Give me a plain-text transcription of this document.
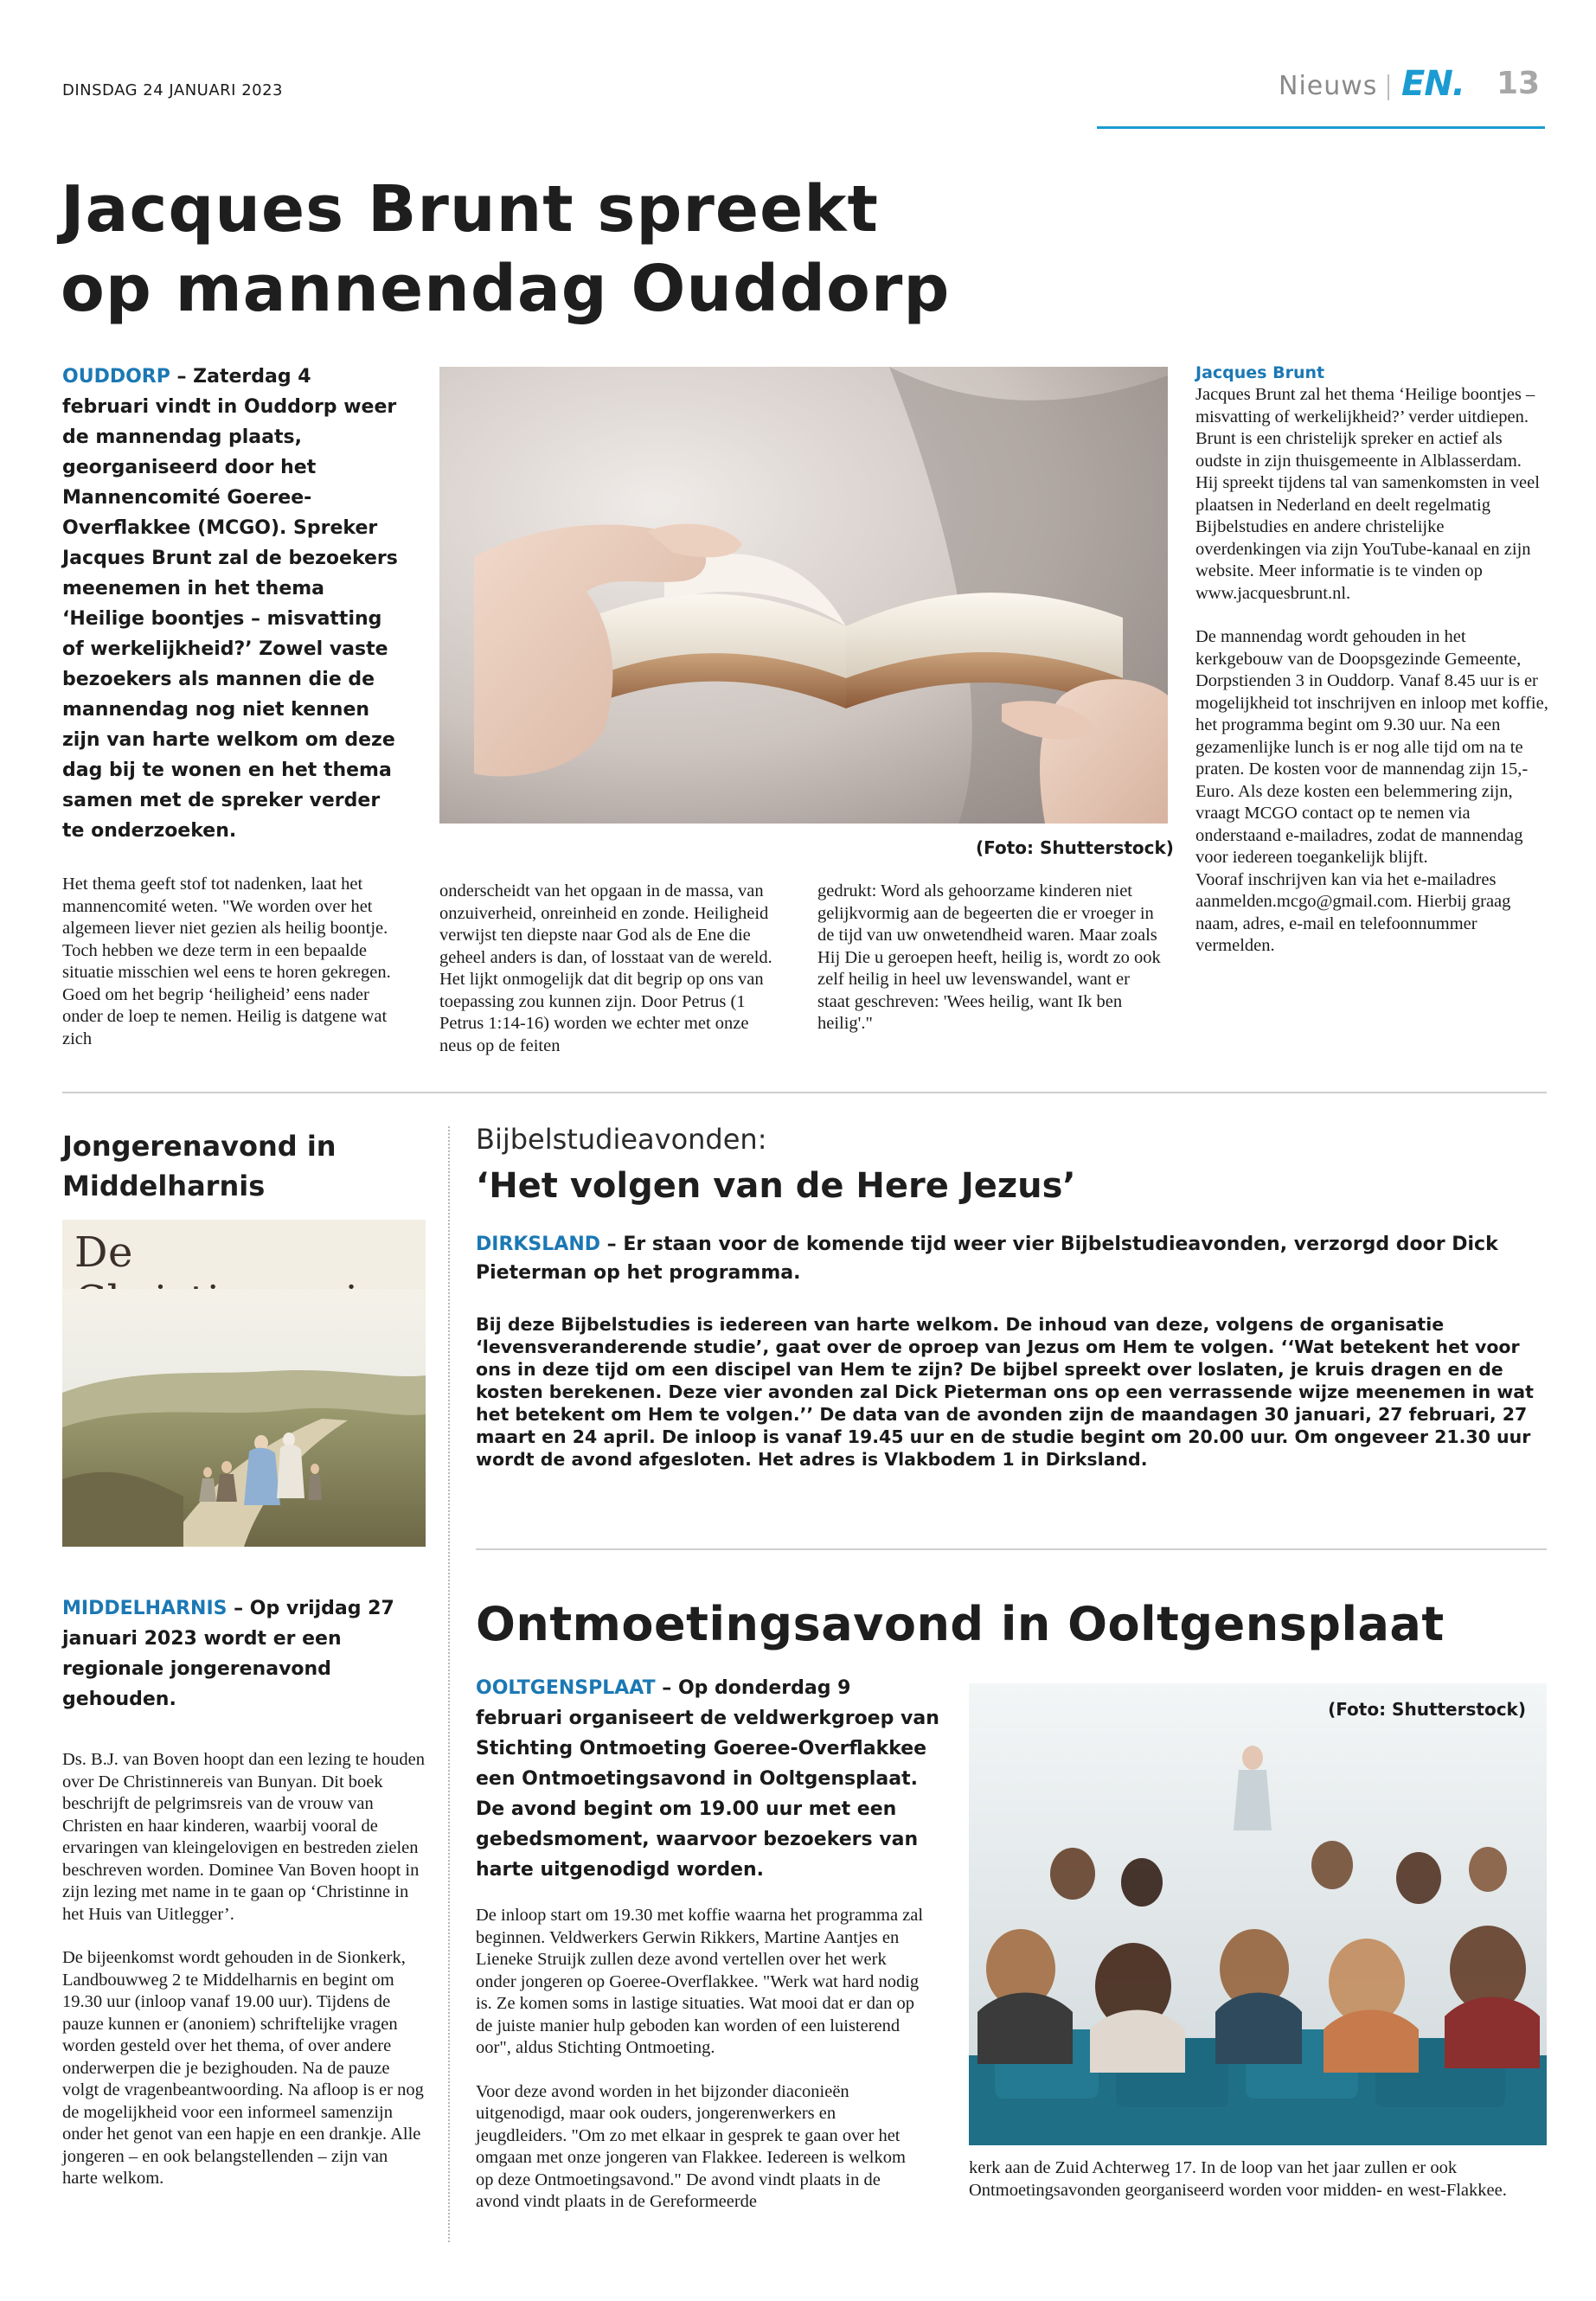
DINSDAG 24 JANUARI 2023	Nieuws EN. 13
Jacques Brunt spreekt
op mannendag Ouddorp
OUDDORP – Zaterdag 4 februari vindt in Ouddorp weer de mannendag plaats, georganiseerd door het Mannencomité Goeree-Overflakkee (MCGO). Spreker Jacques Brunt zal de bezoekers meenemen in het thema ‘Heilige boontjes – misvatting of werkelijkheid?’ Zowel vaste bezoekers als mannen die de mannendag nog niet kennen zijn van harte welkom om deze dag bij te wonen en het thema samen met de spreker verder te onderzoeken.
(Foto: Shutterstock)
Het thema geeft stof tot nadenken, laat het mannencomité weten. "We worden over het algemeen liever niet gezien als heilig boontje. Toch hebben we deze term in een bepaalde situatie misschien wel eens te horen gekregen. Goed om het begrip ‘heiligheid’ eens nader onder de loep te nemen. Heilig is datgene wat zich
onderscheidt van het opgaan in de massa, van onzuiverheid, onreinheid en zonde. Heiligheid verwijst ten diepste naar God als de Ene die geheel anders is dan, of losstaat van de wereld. Het lijkt onmogelijk dat dit begrip op ons van toepassing zou kunnen zijn. Door Petrus (1 Petrus 1:14-16) worden we echter met onze neus op de feiten
gedrukt: Word als gehoorzame kinderen niet gelijkvormig aan de begeerten die er vroeger in de tijd van uw onwetendheid waren. Maar zoals Hij Die u geroepen heeft, heilig is, wordt zo ook zelf heilig in heel uw levenswandel, want er staat geschreven: 'Wees heilig, want Ik ben heilig'."
Jacques Brunt

Jacques Brunt zal het thema ‘Heilige boontjes – misvatting of werkelijkheid?’ verder uitdiepen. Brunt is een christelijk spreker en actief als oudste in zijn thuisgemeente in Alblasserdam. Hij spreekt tijdens tal van samenkomsten in veel plaatsen in Nederland en deelt regelmatig Bijbelstudies en andere christelijke overdenkingen via zijn YouTube-kanaal en zijn website. Meer informatie is te vinden op www.jacquesbrunt.nl.

De mannendag wordt gehouden in het kerkgebouw van de Doopsgezinde Gemeente, Dorpstienden 3 in Ouddorp. Vanaf 8.45 uur is er mogelijkheid tot inschrijven en inloop met koffie, het programma begint om 9.30 uur. Na een gezamenlijke lunch is er nog alle tijd om na te praten. De kosten voor de mannendag zijn 15,- Euro. Als deze kosten een belemmering zijn, vraagt MCGO contact op te nemen via onderstaand e-mailadres, zodat de mannendag voor iedereen toegankelijk blijft.

Vooraf inschrijven kan via het e-mailadres aanmelden.mcgo@gmail.com. Hierbij graag naam, adres, e-mail en telefoonnummer vermelden.

Jongerenavond in
Middelharnis
De
MIDDELHARNIS – Op vrijdag 27 januari 2023 wordt er een regionale jongerenavond gehouden.

Ds. B.J. van Boven hoopt dan een lezing te houden over De Christinnereis van Bunyan. Dit boek beschrijft de pelgrimsreis van de vrouw van Christen en haar kinderen, waarbij vooral de ervaringen van kleingelovigen en bestreden zielen beschreven worden. Dominee Van Boven hoopt in zijn lezing met name in te gaan op ‘Christinne in het Huis van Uitlegger’.

De bijeenkomst wordt gehouden in de Sionkerk, Landbouwweg 2 te Middelharnis en begint om 19.30 uur (inloop vanaf 19.00 uur). Tijdens de pauze kunnen er (anoniem) schriftelijke vragen worden gesteld over het thema, of over andere onderwerpen die je bezighouden. Na de pauze volgt de vragenbeantwoording. Na afloop is er nog de mogelijkheid voor een informeel samenzijn onder het genot van een hapje en een drankje. Alle jongeren – en ook belangstellenden – zijn van harte welkom.

Bijbelstudieavonden:
‘Het volgen van de Here Jezus’
DIRKSLAND – Er staan voor de komende tijd weer vier Bijbelstudieavonden, verzorgd door Dick Pieterman op het programma.
Bij deze Bijbelstudies is iedereen van harte welkom. De inhoud van deze, volgens de organisatie ‘levensveranderende studie’, gaat over de oproep van Jezus om Hem te volgen. ‘‘Wat betekent het voor ons in deze tijd om een discipel van Hem te zijn? De bijbel spreekt over loslaten, je kruis dragen en de kosten berekenen. Deze vier avonden zal Dick Pieterman ons op een verrassende wijze meenemen in wat het betekent om Hem te volgen.’’ De data van de avonden zijn de maandagen 30 januari, 27 februari, 27 maart en 24 april. De inloop is vanaf 19.45 uur en de studie begint om 20.00 uur. Om ongeveer 21.30 uur wordt de avond afgesloten. Het adres is Vlakbodem 1 in Dirksland.
Ontmoetingsavond in Ooltgensplaat
OOLTGENSPLAAT – Op donderdag 9 februari organiseert de veldwerkgroep van Stichting Ontmoeting Goeree-Overflakkee een Ontmoetingsavond in Ooltgensplaat. De avond begint om 19.00 uur met een gebedsmoment, waarvoor bezoekers van harte uitgenodigd worden.

De inloop start om 19.30 met koffie waarna het programma zal beginnen. Veldwerkers Gerwin Rikkers, Martine Aantjes en Lieneke Struijk zullen deze avond vertellen over het werk onder jongeren op Goeree-Overflakkee. "Werk wat hard nodig is. Ze komen soms in lastige situaties. Wat mooi dat er dan op de juiste manier hulp geboden kan worden of een luisterend oor", aldus Stichting Ontmoeting.

Voor deze avond worden in het bijzonder diaconieën uitgenodigd, maar ook ouders, jongerenwerkers en jeugdleiders. "Om zo met elkaar in gesprek te gaan over het omgaan met onze jongeren van Flakkee. Iedereen is welkom op deze Ontmoetingsavond." De avond vindt plaats in de avond vindt plaats in de Gereformeerde

(Foto: Shutterstock)
kerk aan de Zuid Achterweg 17. In de loop van het jaar zullen er ook Ontmoetingsavonden georganiseerd worden voor midden- en west-Flakkee.
